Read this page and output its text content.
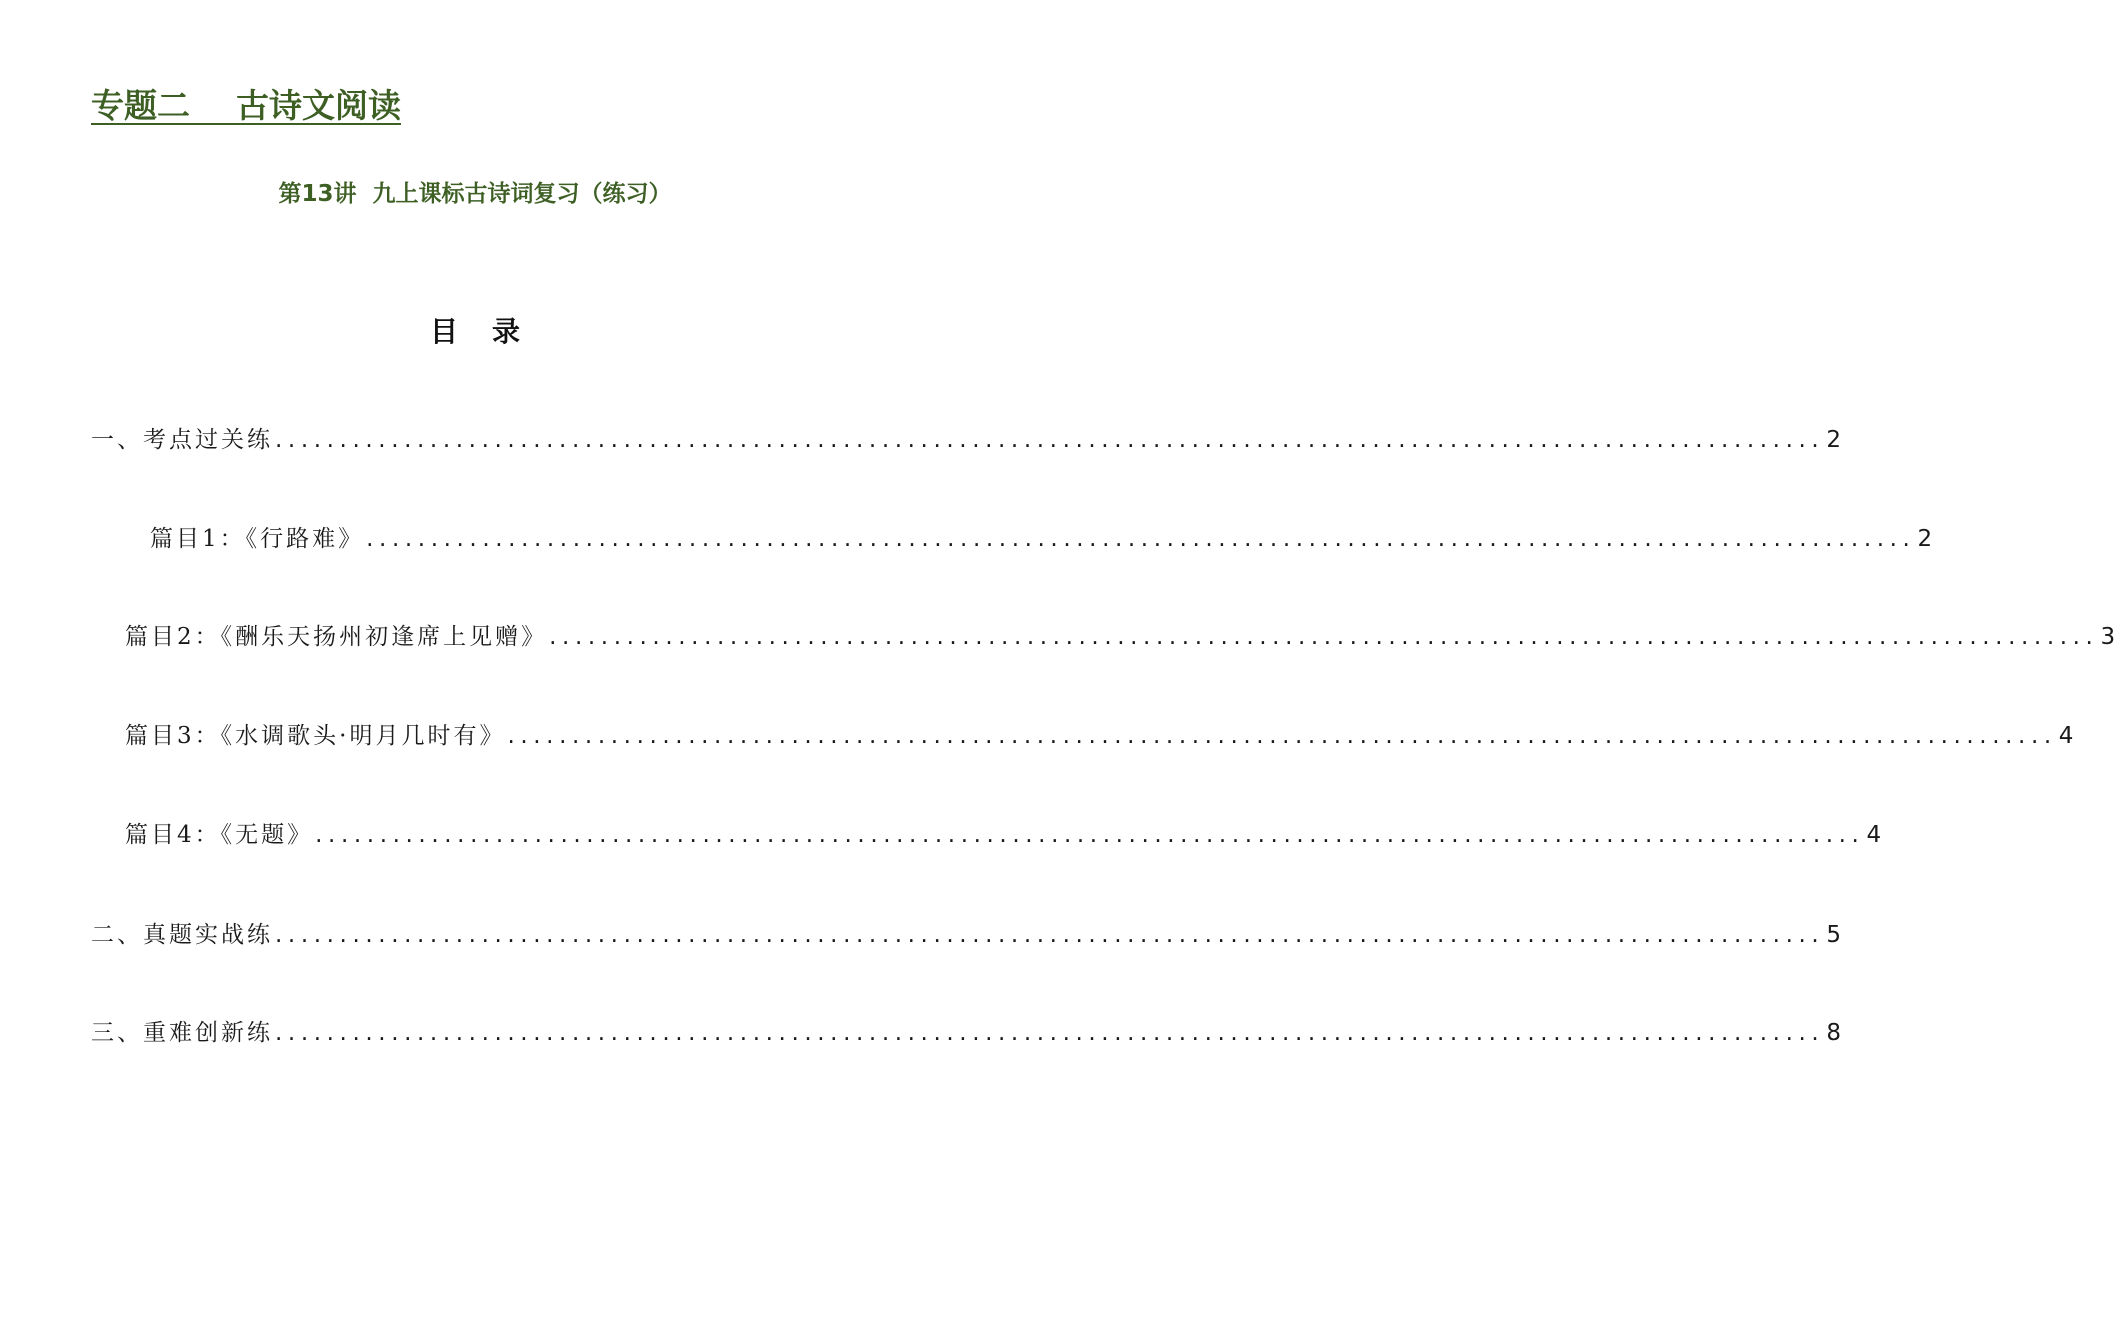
专题二    古诗文阅读
第13讲  九上课标古诗词复习（练习）
目录
一、考点过关练 ........................................................................................................................ 2
篇目1：《行路难》 ........................................................................................................................ 2
篇目2：《酬乐天扬州初逢席上见赠》 ........................................................................................................................ 3
篇目3：《水调歌头·明月几时有》 ........................................................................................................................ 4
篇目4：《无题》 ........................................................................................................................ 4
二、真题实战练 ........................................................................................................................ 5
三、重难创新练 ........................................................................................................................ 8
